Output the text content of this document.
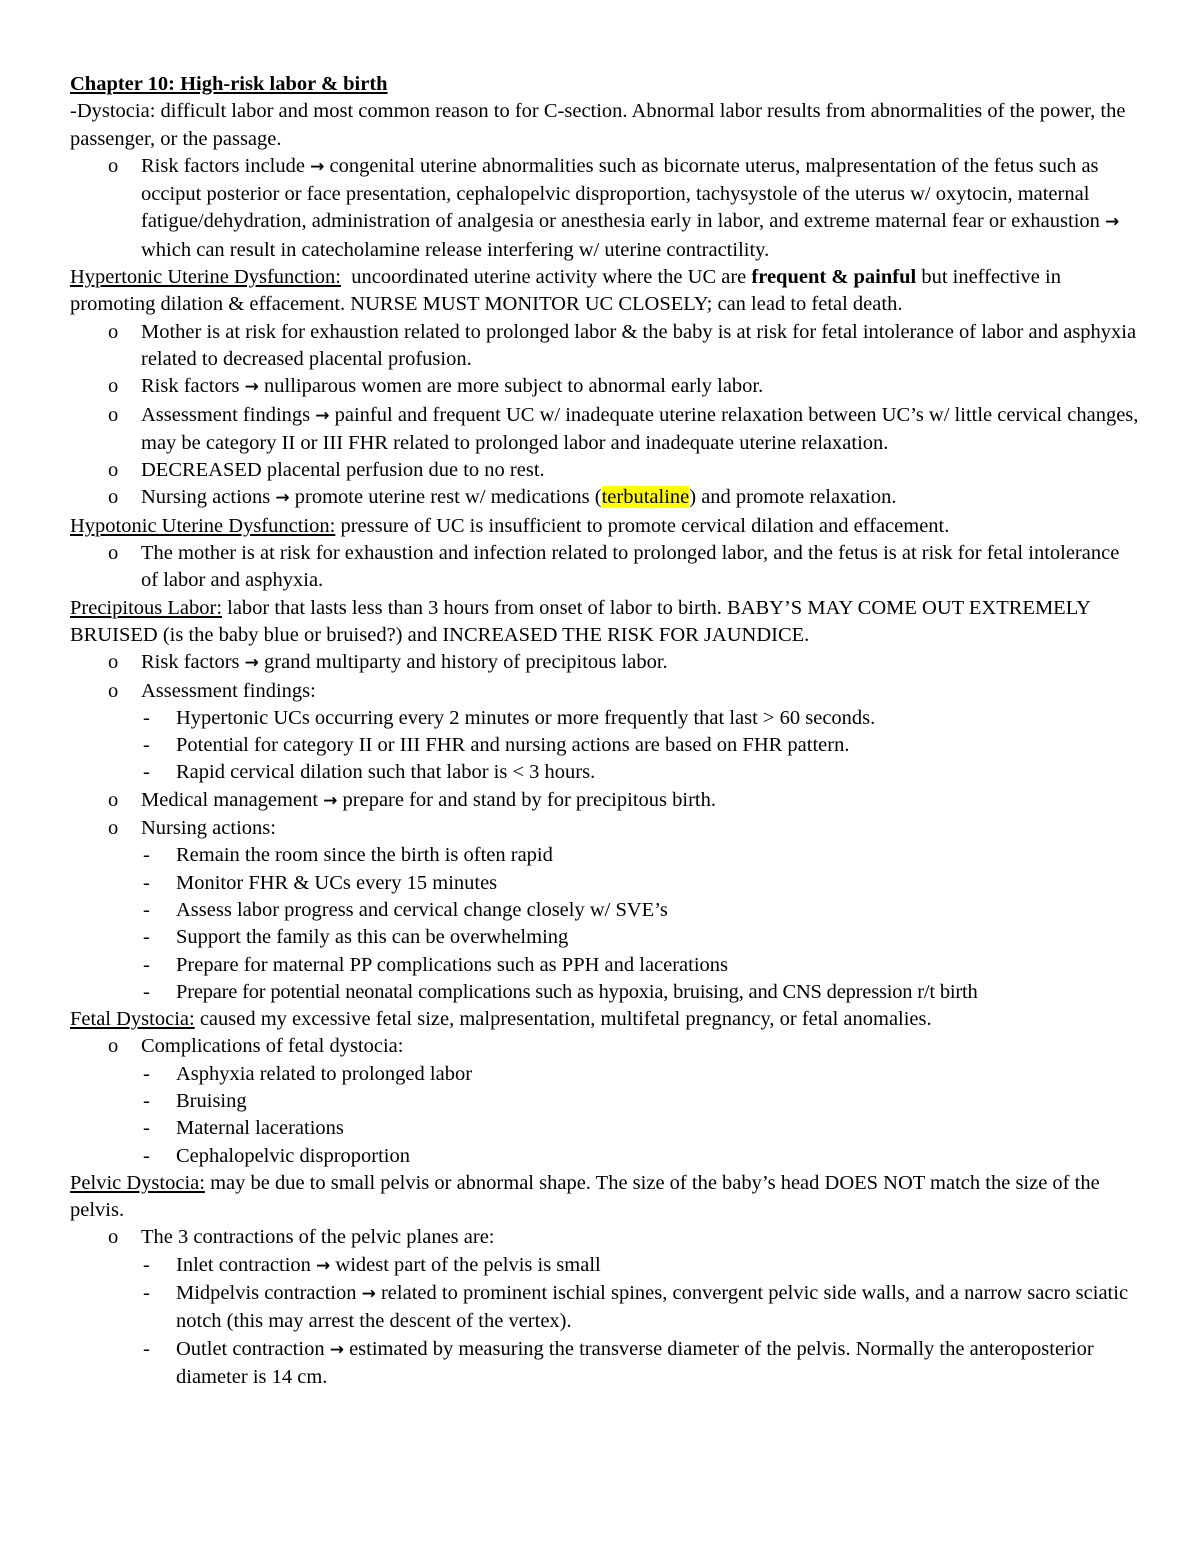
Chapter 10: High-risk labor & birth

-Dystocia: difficult labor and most common reason to for C-section. Abnormal labor results from abnormalities of the power, the passenger, or the passage.

o Risk factors include → congenital uterine abnormalities such as bicornate uterus, malpresentation of the fetus such as occiput posterior or face presentation, cephalopelvic disproportion, tachysystole of the uterus w/ oxytocin, maternal fatigue/dehydration, administration of analgesia or anesthesia early in labor, and extreme maternal fear or exhaustion → which can result in catecholamine release interfering w/ uterine contractility.

Hypertonic Uterine Dysfunction:  uncoordinated uterine activity where the UC are frequent & painful but ineffective in promoting dilation & effacement. NURSE MUST MONITOR UC CLOSELY; can lead to fetal death.

o Mother is at risk for exhaustion related to prolonged labor & the baby is at risk for fetal intolerance of labor and asphyxia related to decreased placental profusion.
o Risk factors → nulliparous women are more subject to abnormal early labor.
o Assessment findings → painful and frequent UC w/ inadequate uterine relaxation between UC’s w/ little cervical changes, may be category II or III FHR related to prolonged labor and inadequate uterine relaxation.
o DECREASED placental perfusion due to no rest.
o Nursing actions → promote uterine rest w/ medications (terbutaline) and promote relaxation.

Hypotonic Uterine Dysfunction: pressure of UC is insufficient to promote cervical dilation and effacement.

o The mother is at risk for exhaustion and infection related to prolonged labor, and the fetus is at risk for fetal intolerance of labor and asphyxia.

Precipitous Labor: labor that lasts less than 3 hours from onset of labor to birth. BABY’S MAY COME OUT EXTREMELY BRUISED (is the baby blue or bruised?) and INCREASED THE RISK FOR JAUNDICE.

o Risk factors → grand multiparty and history of precipitous labor.
o Assessment findings:
- Hypertonic UCs occurring every 2 minutes or more frequently that last > 60 seconds.
- Potential for category II or III FHR and nursing actions are based on FHR pattern.
- Rapid cervical dilation such that labor is < 3 hours.
o Medical management → prepare for and stand by for precipitous birth.
o Nursing actions:
- Remain the room since the birth is often rapid
- Monitor FHR & UCs every 15 minutes
- Assess labor progress and cervical change closely w/ SVE’s
- Support the family as this can be overwhelming
- Prepare for maternal PP complications such as PPH and lacerations
- Prepare for potential neonatal complications such as hypoxia, bruising, and CNS depression r/t birth

Fetal Dystocia: caused my excessive fetal size, malpresentation, multifetal pregnancy, or fetal anomalies.

o Complications of fetal dystocia:
- Asphyxia related to prolonged labor
- Bruising
- Maternal lacerations
- Cephalopelvic disproportion

Pelvic Dystocia: may be due to small pelvis or abnormal shape. The size of the baby’s head DOES NOT match the size of the pelvis.

o The 3 contractions of the pelvic planes are:
- Inlet contraction → widest part of the pelvis is small
- Midpelvis contraction → related to prominent ischial spines, convergent pelvic side walls, and a narrow sacro sciatic notch (this may arrest the descent of the vertex).
- Outlet contraction → estimated by measuring the transverse diameter of the pelvis. Normally the anteroposterior diameter is 14 cm.
